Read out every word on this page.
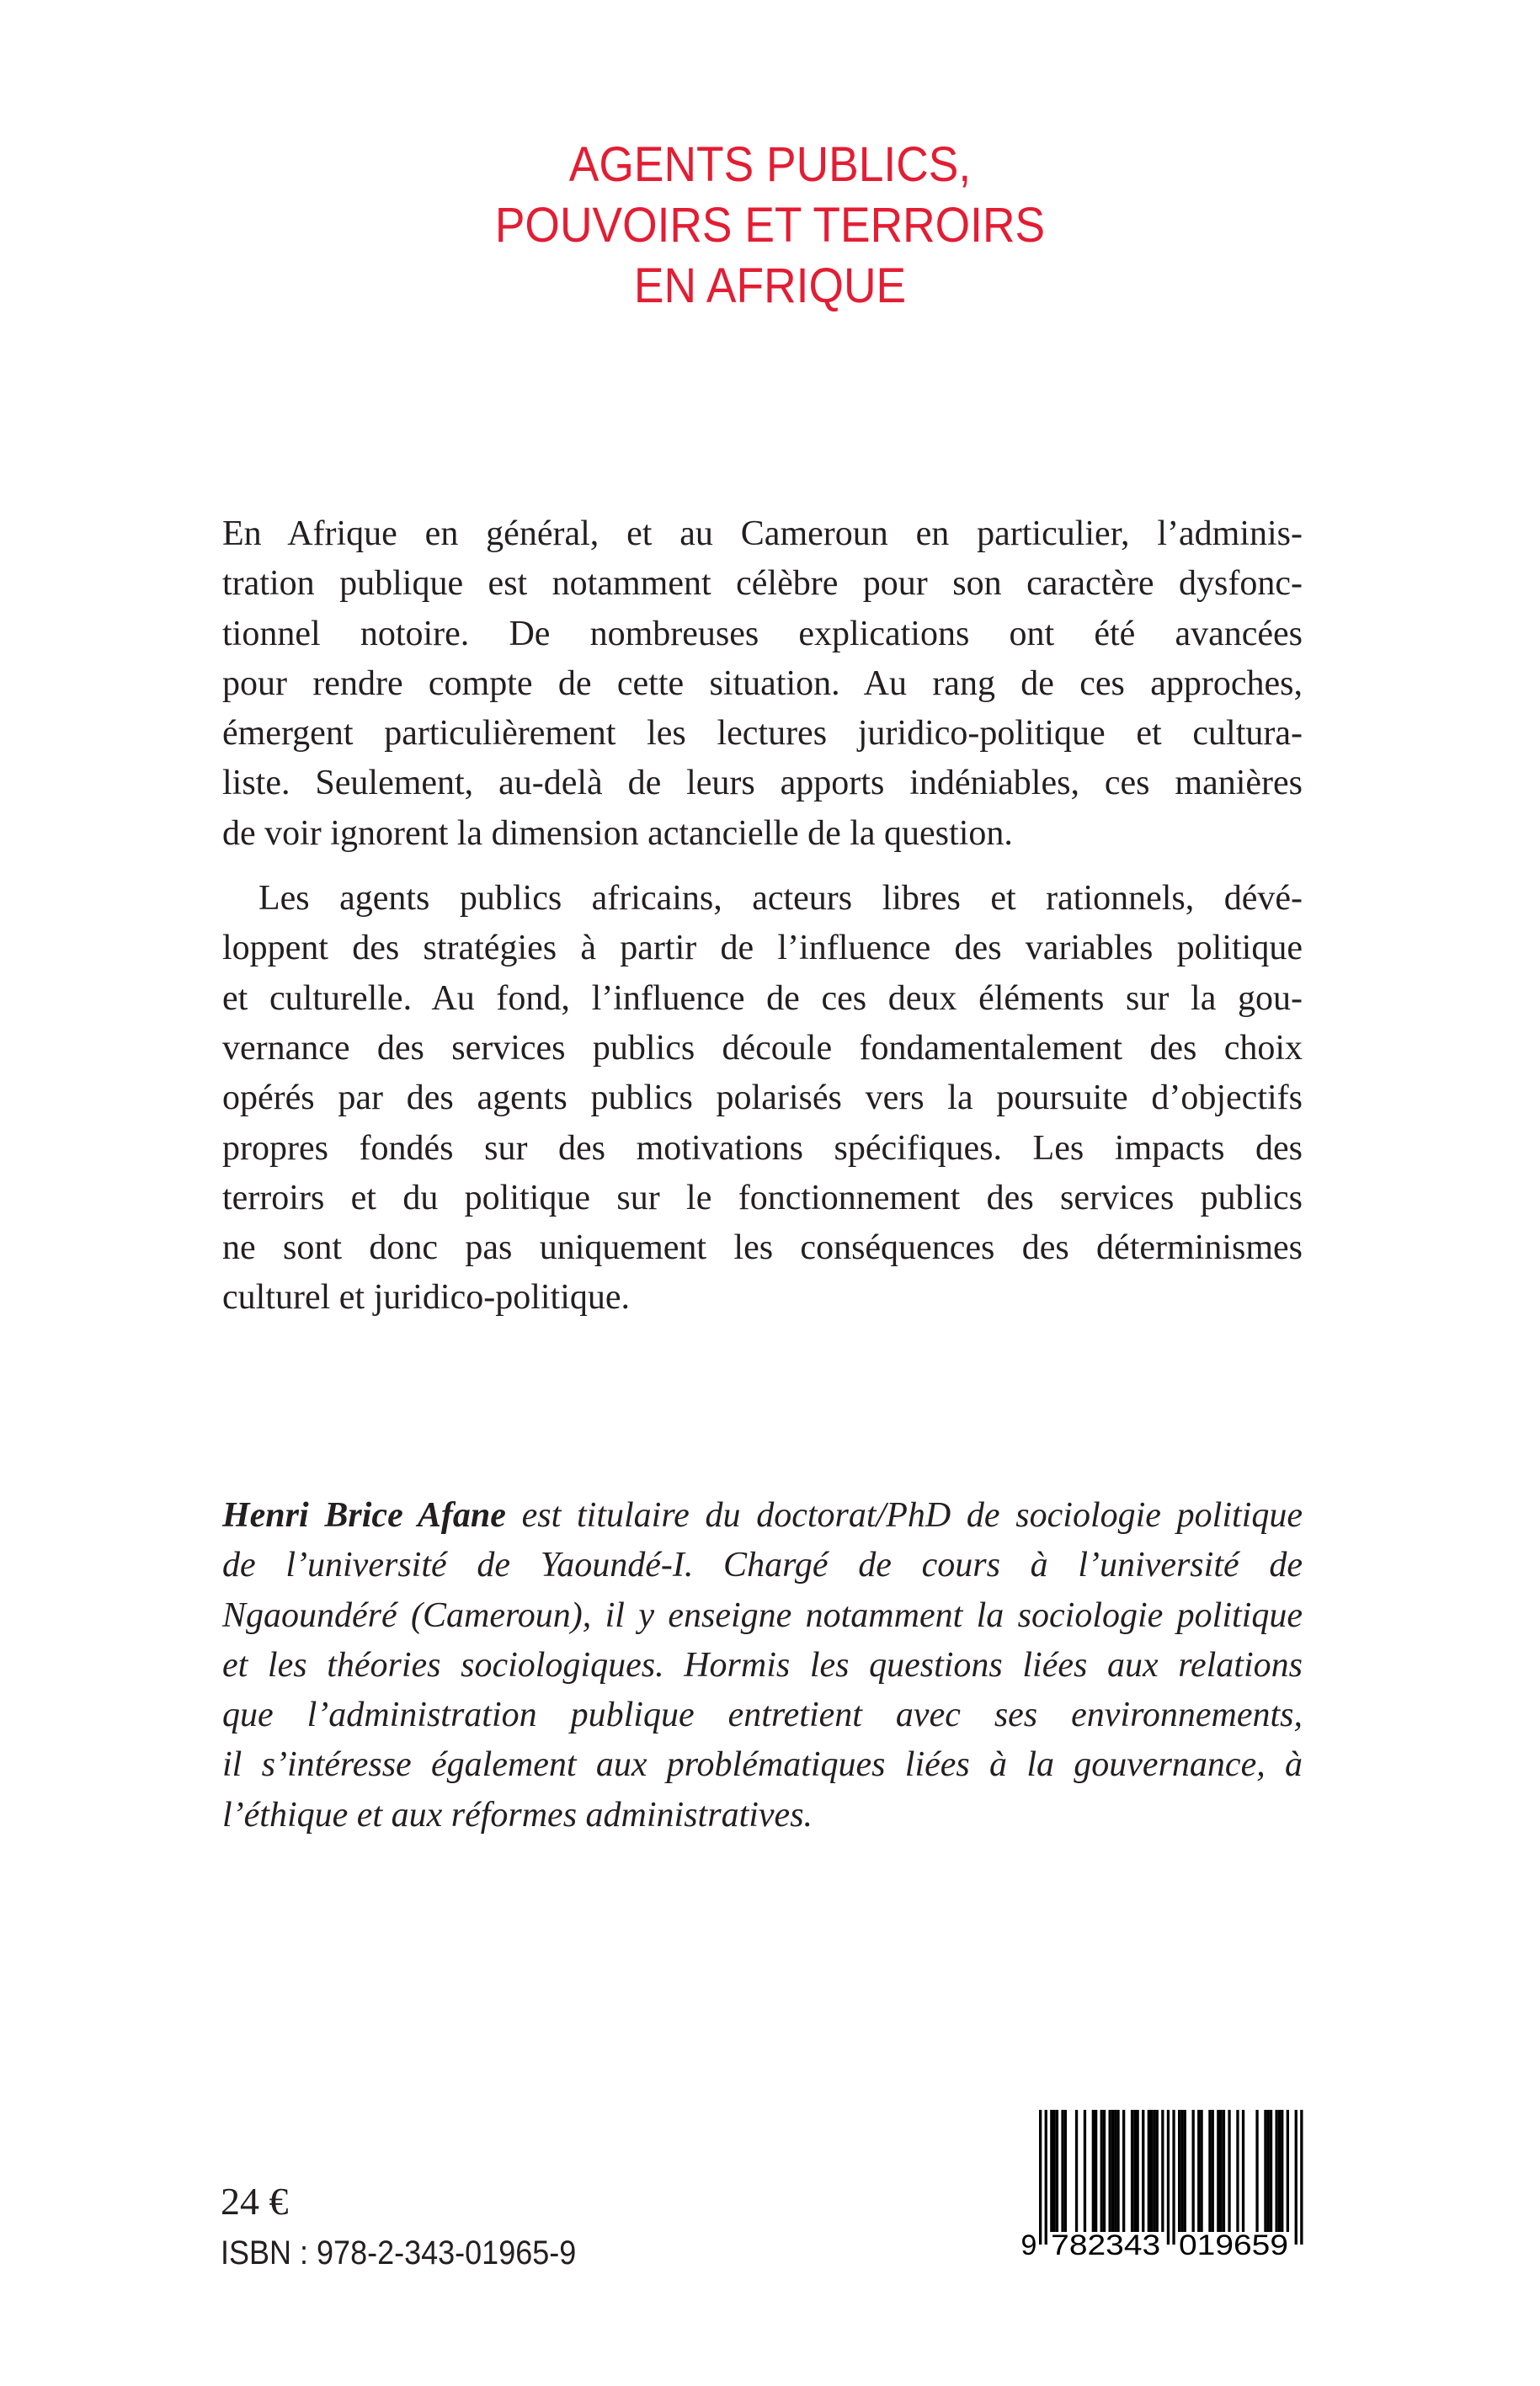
AGENTS PUBLICS,
POUVOIRS ET TERROIRS
EN AFRIQUE
En Afrique en général, et au Cameroun en particulier, l’adminis-
tration publique est notamment célèbre pour son caractère dysfonc-
tionnel notoire. De nombreuses explications ont été avancées
pour rendre compte de cette situation. Au rang de ces approches,
émergent particulièrement les lectures juridico-politique et cultura-
liste. Seulement, au-delà de leurs apports indéniables, ces manières
de voir ignorent la dimension actancielle de la question.
Les agents publics africains, acteurs libres et rationnels, dévé-
loppent des stratégies à partir de l’influence des variables politique
et culturelle. Au fond, l’influence de ces deux éléments sur la gou-
vernance des services publics découle fondamentalement des choix
opérés par des agents publics polarisés vers la poursuite d’objectifs
propres fondés sur des motivations spécifiques. Les impacts des
terroirs et du politique sur le fonctionnement des services publics
ne sont donc pas uniquement les conséquences des déterminismes
culturel et juridico-politique.
Henri Brice Afane est titulaire du doctorat/PhD de sociologie politique
de l’université de Yaoundé-I. Chargé de cours à l’université de
Ngaoundéré (Cameroun), il y enseigne notamment la sociologie politique
et les théories sociologiques. Hormis les questions liées aux relations
que l’administration publique entretient avec ses environnements,
il s’intéresse également aux problématiques liées à la gouvernance, à
l’éthique et aux réformes administratives.
24 €
ISBN : 978-2-343-01965-9	9 782343 019659
